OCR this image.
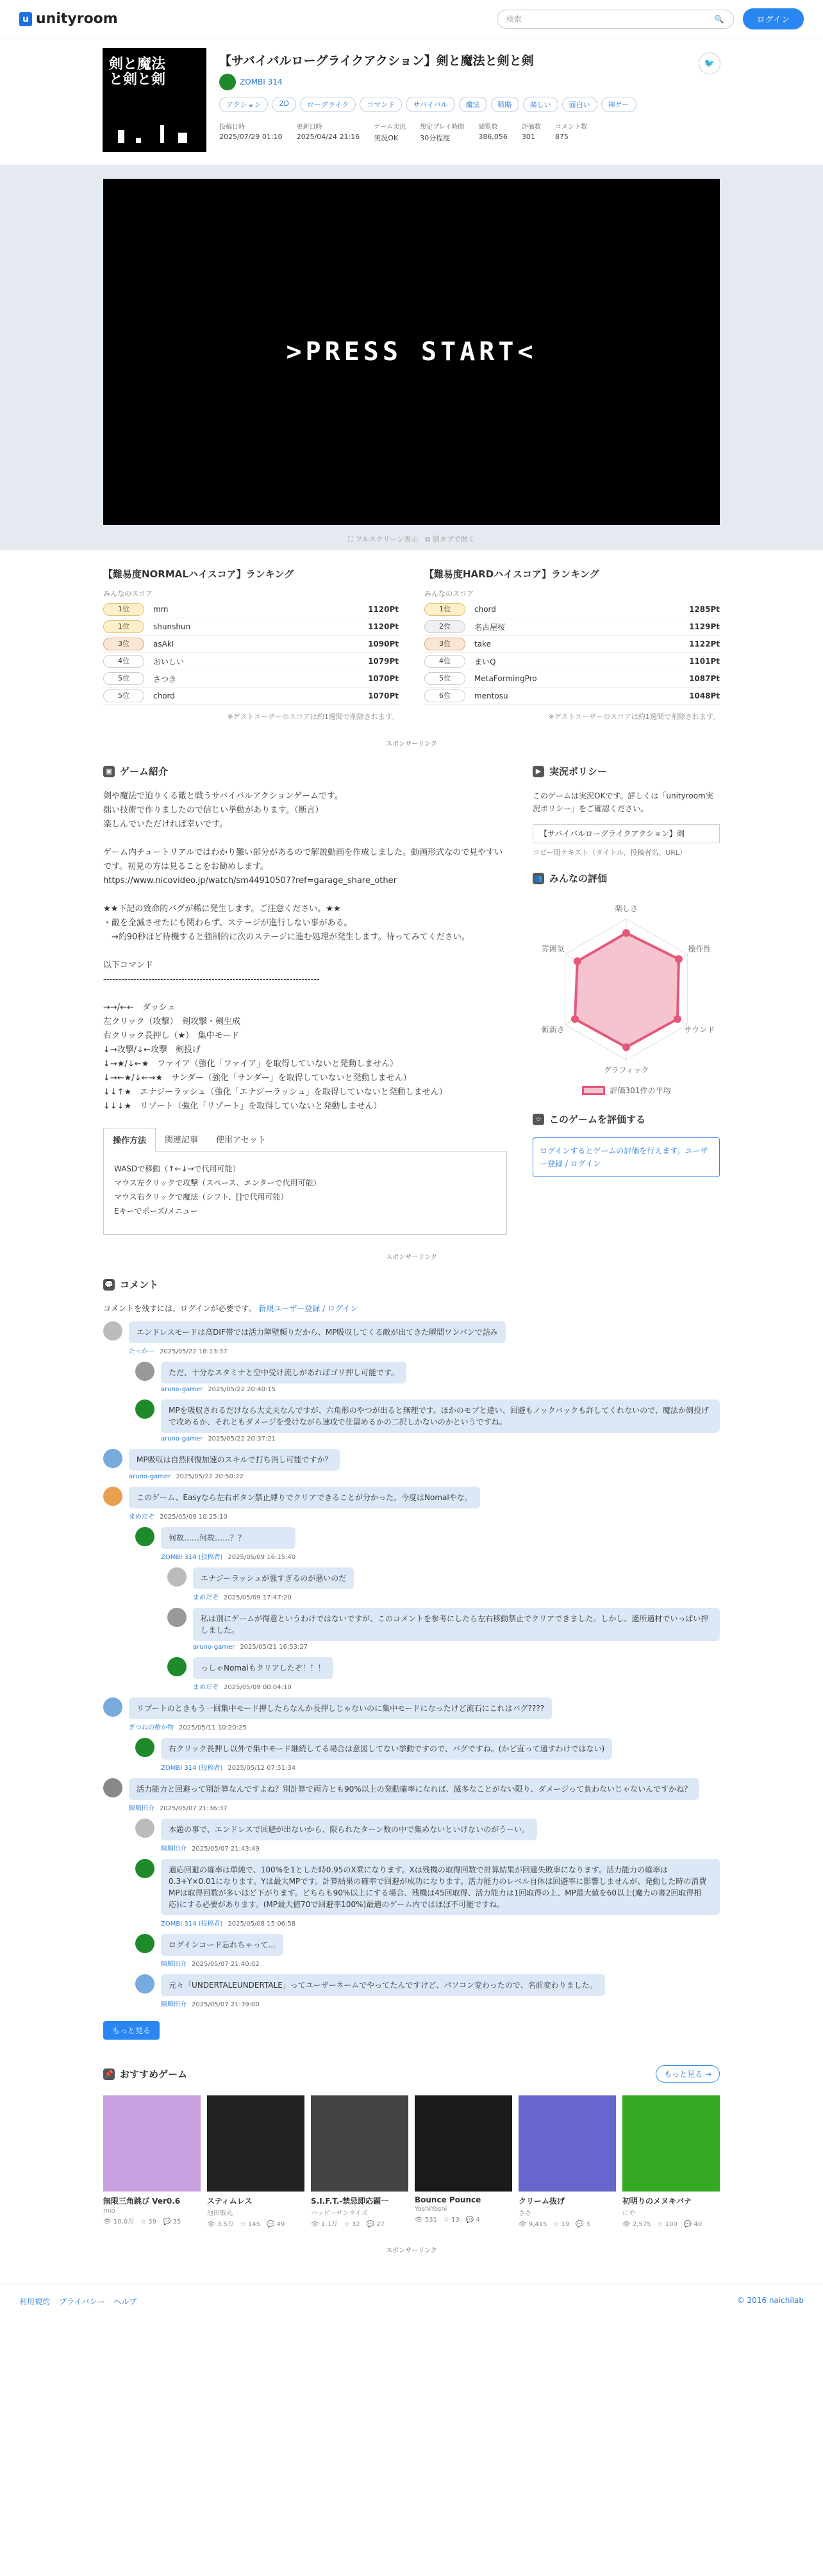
u unityroom	検索	🔍	ログイン
剣と魔法
と剣と剣
【サバイバルローグライクアクション】剣と魔法と剣と剣
ZOMBI 314
アクション	2D	ローグライク	コマンド	サバイバル	魔法	戦略	楽しい	面白い	神ゲー
投稿日時
2025/07/29 01:10
更新日時
2025/04/24 21:16
ゲーム実況
実況OK
想定プレイ時間
30分程度
閲覧数
386,056
評価数
301
コメント数
875
🐦
>PRESS START<
⛶ フルスクリーン表示　⧉ 別タブで開く
【難易度NORMALハイスコア】ランキング
みんなのスコア
1位	mm	1120Pt
1位	shunshun	1120Pt
3位	asAkI	1090Pt
4位	おいしい	1079Pt
5位	さつき	1070Pt
5位	chord	1070Pt
※ゲストユーザーのスコアは約1週間で削除されます。
【難易度HARDハイスコア】ランキング
みんなのスコア
1位	chord	1285Pt
2位	名古屋桜	1129Pt
3位	take	1122Pt
4位	まいQ	1101Pt
5位	MetaFormingPro	1087Pt
6位	mentosu	1048Pt
※ゲストユーザーのスコアは約1週間で削除されます。
スポンサーリンク
▣ ゲーム紹介
剣や魔法で迫りくる敵と戦うサバイバルアクションゲームです。
拙い技術で作りましたので信じい挙動があります。（断言）
楽しんでいただければ幸いです。

ゲーム内チュートリアルではわかり難い部分があるので解説動画を作成しました。動画形式なので見やすいです。初見の方は見ることをお勧めします。
https://www.nicovideo.jp/watch/sm44910507?ref=garage_share_other

★★下記の致命的バグが稀に発生します。ご注意ください。★★
・敵を全滅させたにも関わらず、ステージが進行しない事がある。
　→約90秒ほど待機すると強制的に次のステージに進む処理が発生します。待ってみてください。

以下コマンド
------------------------------------------------------------------------

→→/←←　ダッシュ
左クリック（攻撃）　剣攻撃・剣生成
右クリック長押し（★）　集中モード
↓→攻撃/↓←攻撃　剣投げ
↓→★/↓←★　ファイア（強化「ファイア」を取得していないと発動しません）
↓→←★/↓←→★　サンダー（強化「サンダー」を取得していないと発動しません）
↓↓↑★　エナジーラッシュ（強化「エナジーラッシュ」を取得していないと発動しません）
↓↓↓★　リゾート（強化「リゾート」を取得していないと発動しません）
操作方法	関連記事	使用アセット
WASDで移動（↑←↓→で代用可能）
マウス左クリックで攻撃（スペース、エンターで代用可能）
マウス右クリックで魔法（シフト、[]で代用可能）
Eキーでポーズ/メニュー
▶ 実況ポリシー

このゲームは実況OKです。詳しくは「unityroom実況ポリシー」をご確認ください。

【サバイバルローグライクアクション】剣
コピー用テキスト（タイトル、投稿者名、URL）
👥 みんなの評価
楽しさ
操作性
サウンド
グラフィック
斬新さ
雰囲気
評価301件の平均
☆ このゲームを評価する
ログインするとゲームの評価を行えます。ユーザー登録 / ログイン
スポンサーリンク
💬 コメント
コメントを残すには、ログインが必要です。 新規ユーザー登録 / ログイン
エンドレスモードは高DIF帯では活力障壁頼りだから、MP吸収してくる敵が出てきた瞬間ワンパンで詰み
たっかー 2025/05/22 18:13:37
ただ、十分なスタミナと空中受け流しがあればゴリ押し可能です。
aruno-gamer 2025/05/22 20:40:15
MPを吸収されるだけなら大丈夫なんですが、六角形のやつが出ると無理です。ほかのモブと違い、回避もノックバックも許してくれないので、魔法か剣投げで攻めるか、それともダメージを受けながら速攻で仕留めるかの二択しかないのかというですね。
aruno-gamer 2025/05/22 20:37:21
MP吸収は自然回復加速のスキルで打ち消し可能ですか？
aruno-gamer 2025/05/22 20:50:22
このゲーム、Easyなら左右ボタン禁止縛りでクリアできることが分かった。今度はNomalやな。
まめだぞ 2025/05/09 10:25:10
何故……何故……？？
ZOMBI 314 (投稿者) 2025/05/09 16:15:40
エナジーラッシュが強すぎるのが悪いのだ
まめだぞ 2025/05/09 17:47:20
私は別にゲームが得意というわけではないですが、このコメントを参考にしたら左右移動禁止でクリアできました。しかし、適所適材でいっぱい押しました。
aruno-gamer 2025/05/21 16:53:27
っしゃNomalもクリアしたぞ！！！
まめだぞ 2025/05/09 00:04:10
リプートのときもう一回集中モード押したらなんか長押しじゃないのに集中モードになったけど流石にこれはバグ????
ぎつねの酢か物 2025/05/11 10:20:25
右クリック長押し以外で集中モード継続してる場合は意図してない挙動ですので、バグですね。(かど直って通すわけではない)
ZOMBI 314 (投稿者) 2025/05/12 07:51:34
活力能力と回避って別計算なんですよね？別計算で両方とも90%以上の発動確率になれば、滅多なことがない限り、ダメージって負わないじゃないんですかね？
陳順田介 2025/05/07 21:36:37
本題の事で、エンドレスで回避が出ないから、限られたターン数の中で集めないといけないのがうーい。
陳順田介 2025/05/07 21:43:49
適応回避の確率は単純で、100%を1とした時0.95のX乗になります。Xは残機の取得回数で計算結果が回避失敗率になります。活力能力の確率は0.3+Y×0.01になります。Yは最大MPです。計算結果の確率で回避が成功になります。活力能力のレベル自体は回避率に影響しませんが、発動した時の消費MPは取得回数が多いほど下がります。どちらも90%以上にする場合、残機は45回取得、活力能力は1回取得の上、MP最大値を60以上(魔力の書2回取得相応)にする必要があります。(MP最大値70で回避率100%)最適のゲーム内ではほぼ不可能ですね。
ZOMBI 314 (投稿者) 2025/05/08 15:06:58
ログインコード忘れちゃって...
陳順田介 2025/05/07 21:40:02
元々「UNDERTALEUNDERTALE」ってユーザーネームでやってたんですけど、パソコン変わったので、名前変わりました。
陳順田介 2025/05/07 21:39:00
もっと見る
📌 おすすめゲーム	もっと見る →
無限三角跳び Ver0.6
mio
👁 10.0万　☆ 39　💬 35
スティムレス
池田敬丸
👁 3.5万　☆ 145　💬 49
S.I.F.T.-禁忌即応顕一
ハッピーサンライズ
👁 1.1万　☆ 32　💬 27
Bounce Pounce
YoshiYoshi
👁 531　☆ 13　💬 4
クリーム抜げ
ささ
👁 9,415　☆ 19　💬 3
初明りのメヌキバナ
にや
👁 2,575　☆ 100　💬 40
スポンサーリンク
利用規約 プライバシー ヘルプ	© 2016 naichilab
